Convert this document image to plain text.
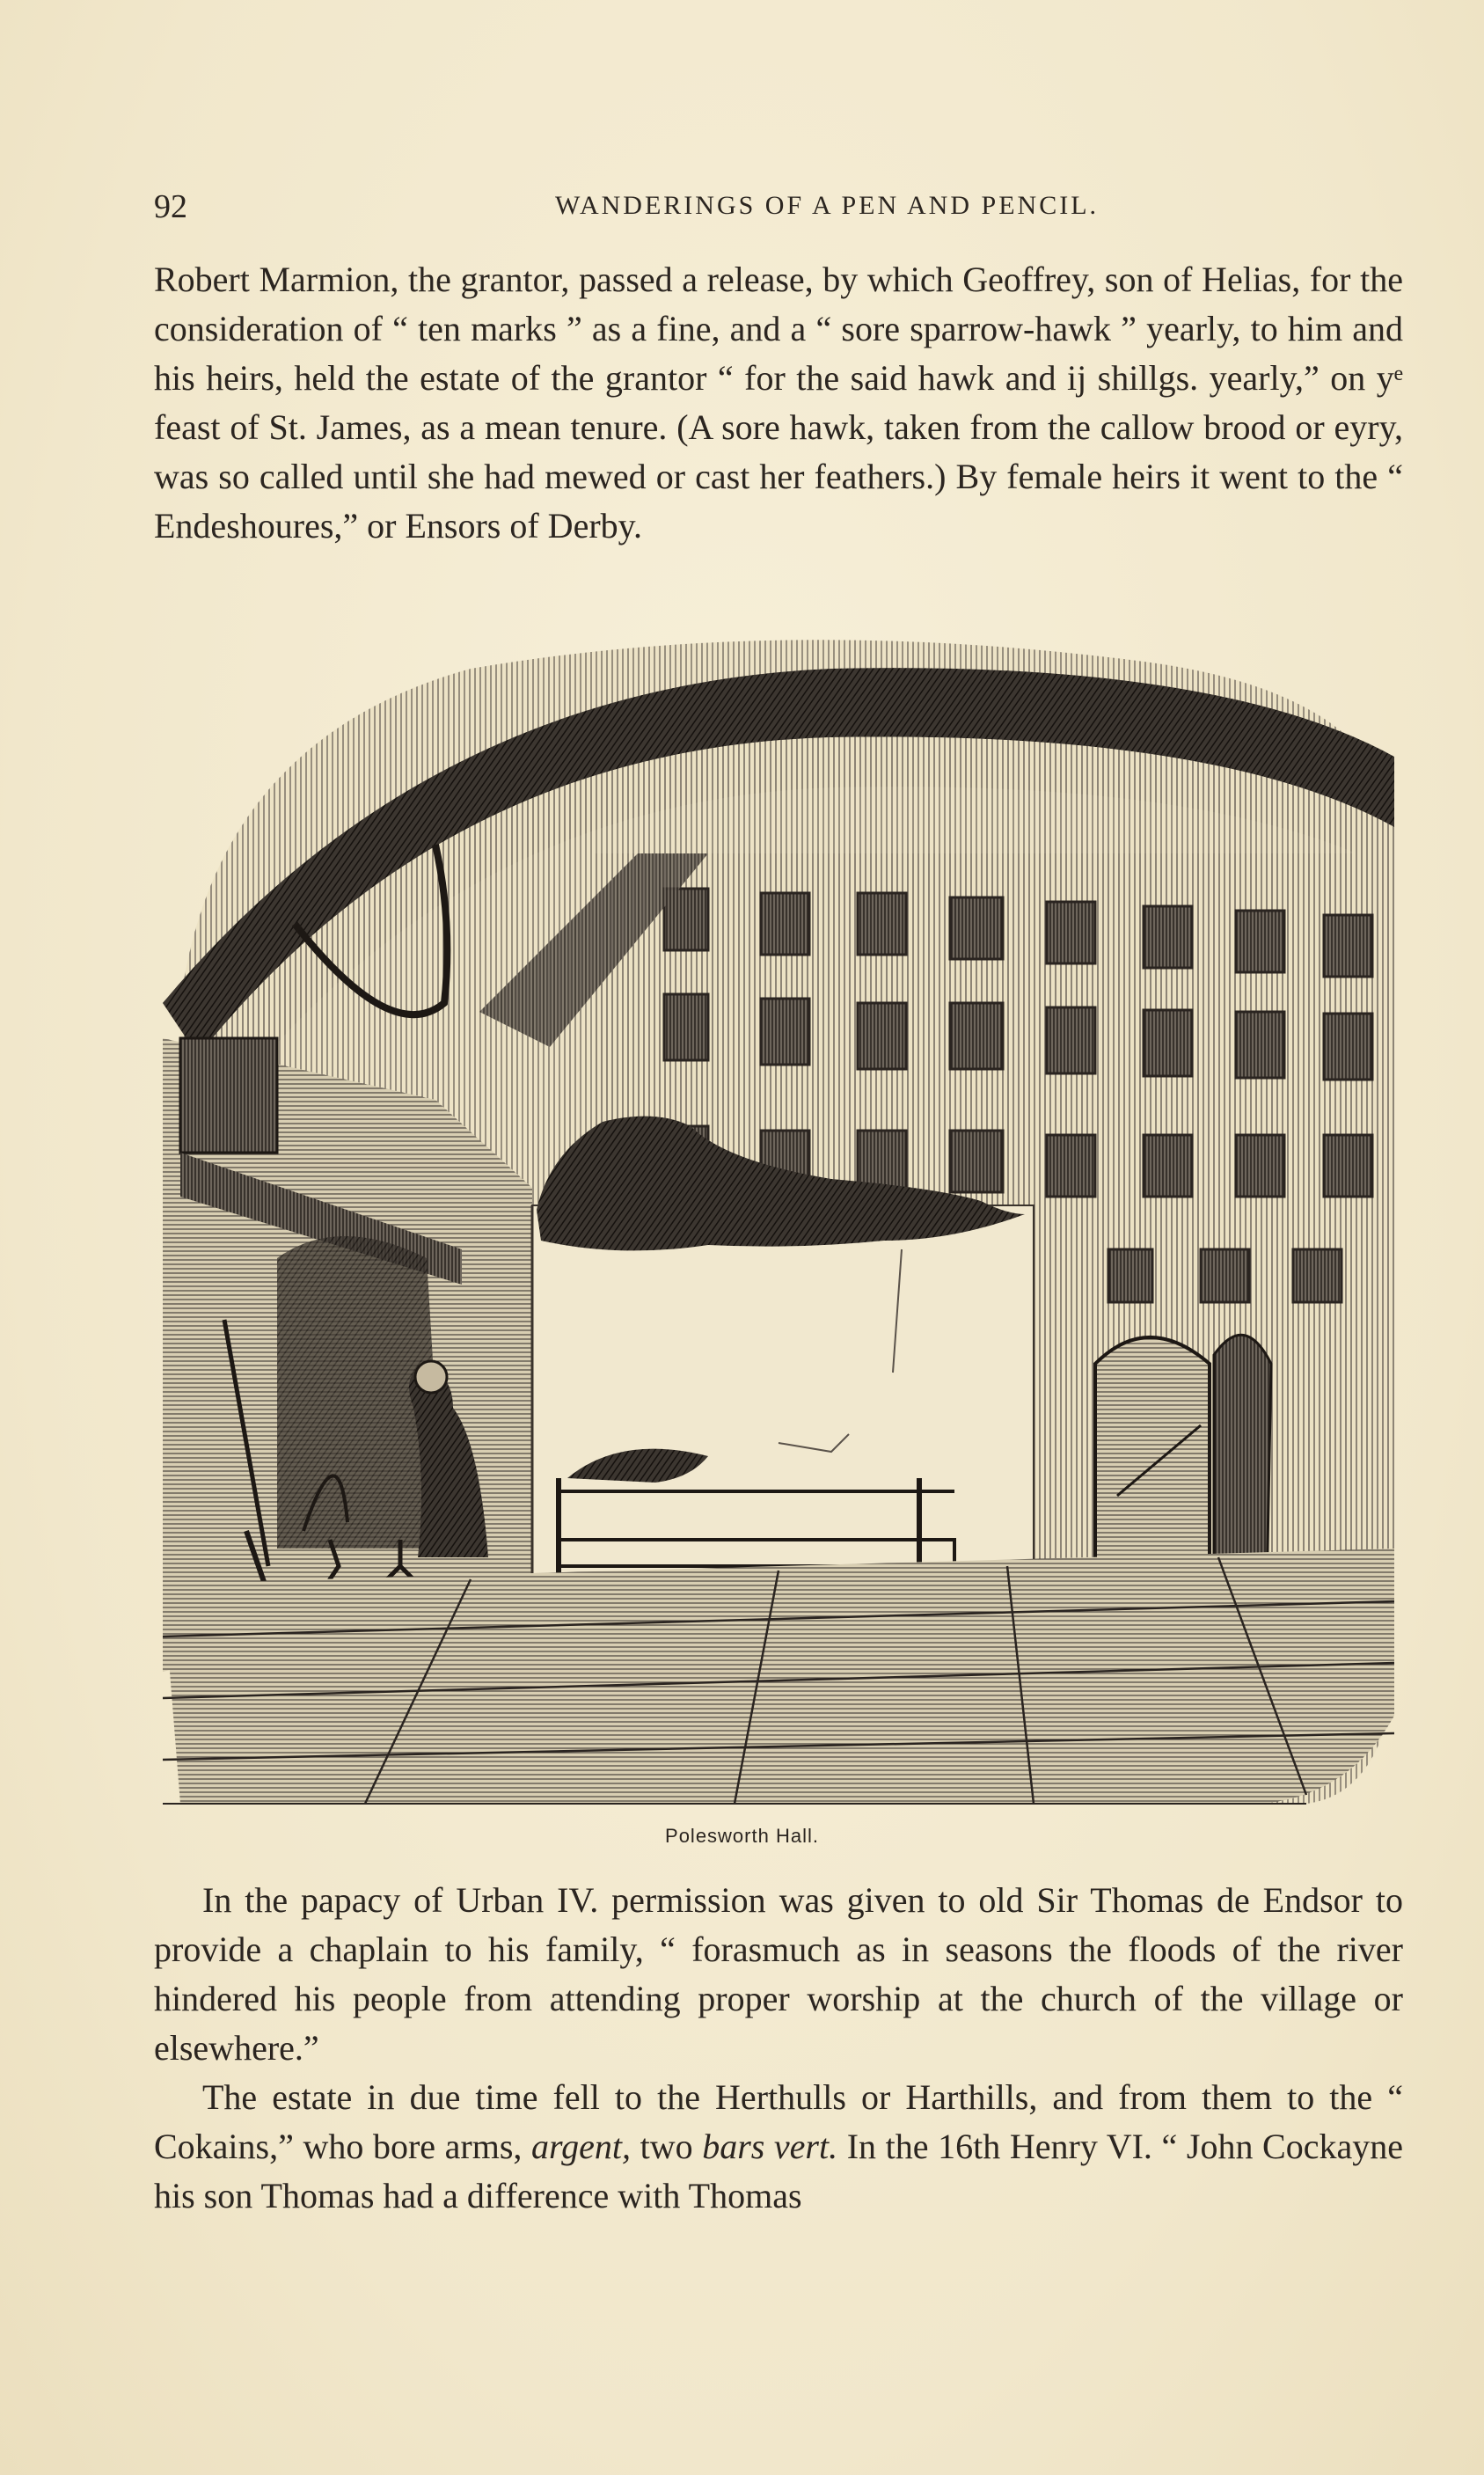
92	WANDERINGS OF A PEN AND PENCIL.

Robert Marmion, the grantor, passed a release, by which Geoffrey, son of Helias, for the consideration of “ ten marks ” as a fine, and a “ sore sparrow-hawk ” yearly, to him and his heirs, held the estate of the grantor “ for the said hawk and ij shillgs. yearly,” on yᵉ feast of St. James, as a mean tenure. (A sore hawk, taken from the callow brood or eyry, was so called until she had mewed or cast her feathers.) By female heirs it went to the “ Endeshoures,” or Ensors of Derby.

Polesworth Hall.

In the papacy of Urban IV. permission was given to old Sir Thomas de Endsor to provide a chaplain to his family, “ forasmuch as in seasons the floods of the river hindered his people from attending proper worship at the church of the village or elsewhere.”

The estate in due time fell to the Herthulls or Harthills, and from them to the “ Cokains,” who bore arms, argent, two bars vert. In the 16th Henry VI. “ John Cockayne his son Thomas had a difference with Thomas
